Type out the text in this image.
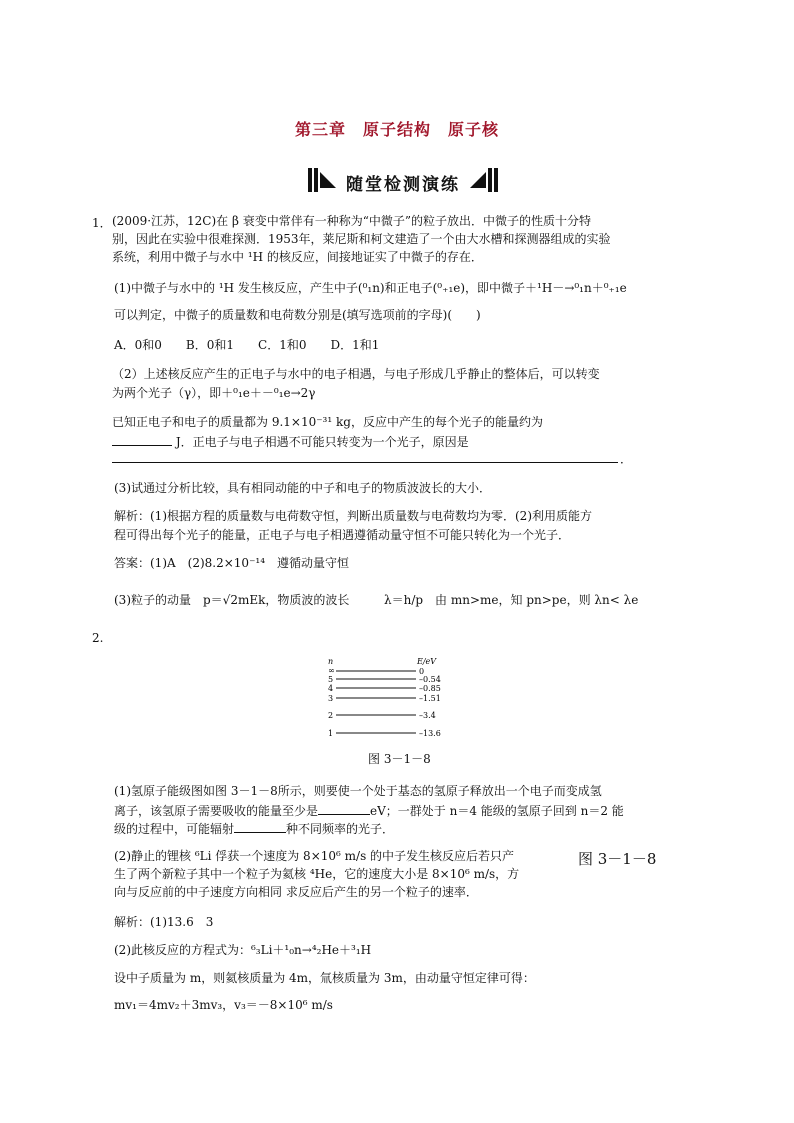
第三章　原子结构　原子核
随堂检测演练
1． (2009·江苏，12C)在 β 衰变中常伴有一种称为“中微子”的粒子放出．中微子的性质十分特
别，因此在实验中很难探测．1953年，莱尼斯和柯文建造了一个由大水槽和探测器组成的实验
系统，利用中微子与水中 ¹H 的核反应，间接地证实了中微子的存在．
(1)中微子与水中的 ¹H 发生核反应，产生中子(⁰₁n)和正电子(⁰₊₁e)，即中微子＋¹H－→⁰₁n＋⁰₊₁e
可以判定，中微子的质量数和电荷数分别是(填写选项前的字母)(　　)
A．0和0　　B．0和1　　C．1和0　　D．1和1
（2）上述核反应产生的正电子与水中的电子相遇，与电子形成几乎静止的整体后，可以转变
为两个光子（γ），即＋⁰₁e＋－⁰₁e→2γ
已知正电子和电子的质量都为 9.1×10⁻³¹ kg，反应中产生的每个光子的能量约为
J．正电子与电子相遇不可能只转变为一个光子，原因是
．
(3)试通过分析比较，具有相同动能的中子和电子的物质波波长的大小．
解析：(1)根据方程的质量数与电荷数守恒，判断出质量数与电荷数均为零．(2)利用质能方
程可得出每个光子的能量，正电子与电子相遇遵循动量守恒不可能只转化为一个光子．
答案：(1)A　(2)8.2×10⁻¹⁴　遵循动量守恒
(3)粒子的动量　p＝√2mEk，物质波的波长	λ＝h/p　由 mn>me，知 pn>pe，则 λn< λe
2.
n	E/eV
∞	0
5	–0.54
4	–0.85
3	–1.51
2	–3.4
1	–13.6
图 3－1－8
(1)氢原子能级图如图 3－1－8所示，则要使一个处于基态的氢原子释放出一个电子而变成氢
离子，该氢原子需要吸收的能量至少是	eV；一群处于 n＝4 能级的氢原子回到 n＝2 能
级的过程中，可能辐射	种不同频率的光子．
(2)静止的锂核 ⁶Li 俘获一个速度为 8×10⁶ m/s 的中子发生核反应后若只产
生了两个新粒子其中一个粒子为氦核 ⁴He，它的速度大小是 8×10⁶ m/s，方
向与反应前的中子速度方向相同 求反应后产生的另一个粒子的速率．
图 3－1－8
解析：(1)13.6　3
(2)此核反应的方程式为：⁶₃Li＋¹₀n→⁴₂He＋³₁H
设中子质量为 m，则氦核质量为 4m，氚核质量为 3m，由动量守恒定律可得：
mv₁＝4mv₂＋3mv₃，v₃＝－8×10⁶ m/s
